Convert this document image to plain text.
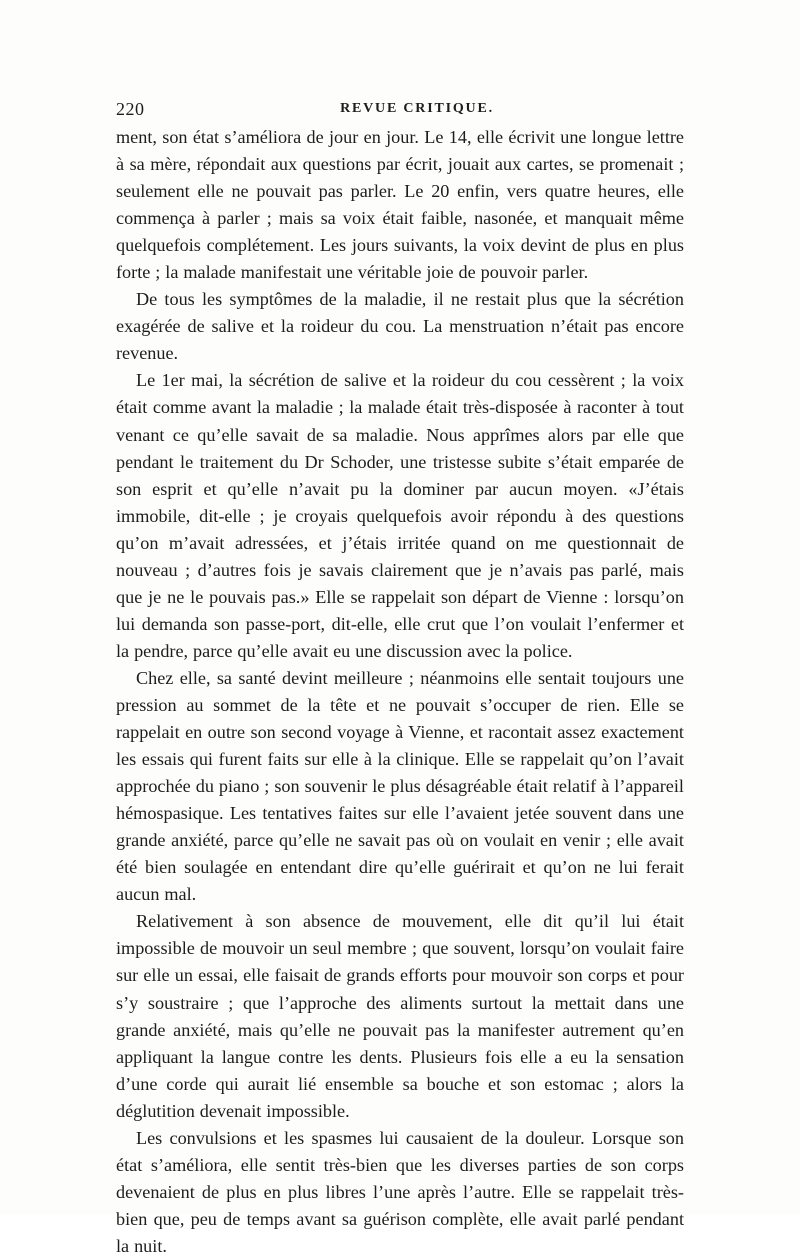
220	REVUE CRITIQUE.

ment, son état s’améliora de jour en jour. Le 14, elle écrivit une longue lettre à sa mère, répondait aux questions par écrit, jouait aux cartes, se promenait ; seulement elle ne pouvait pas parler. Le 20 enfin, vers quatre heures, elle commença à parler ; mais sa voix était faible, nasonée, et manquait même quelquefois complétement. Les jours suivants, la voix devint de plus en plus forte ; la malade manifestait une véritable joie de pouvoir parler.

De tous les symptômes de la maladie, il ne restait plus que la sécrétion exagérée de salive et la roideur du cou. La menstruation n’était pas encore revenue.

Le 1er mai, la sécrétion de salive et la roideur du cou cessèrent ; la voix était comme avant la maladie ; la malade était très-disposée à raconter à tout venant ce qu’elle savait de sa maladie. Nous apprîmes alors par elle que pendant le traitement du Dr Schoder, une tristesse subite s’était emparée de son esprit et qu’elle n’avait pu la dominer par aucun moyen. «J’étais immobile, dit-elle ; je croyais quelquefois avoir répondu à des questions qu’on m’avait adressées, et j’étais irritée quand on me questionnait de nouveau ; d’autres fois je savais clairement que je n’avais pas parlé, mais que je ne le pouvais pas.» Elle se rappelait son départ de Vienne : lorsqu’on lui demanda son passe-port, dit-elle, elle crut que l’on voulait l’enfermer et la pendre, parce qu’elle avait eu une discussion avec la police.

Chez elle, sa santé devint meilleure ; néanmoins elle sentait toujours une pression au sommet de la tête et ne pouvait s’occuper de rien. Elle se rappelait en outre son second voyage à Vienne, et racontait assez exactement les essais qui furent faits sur elle à la clinique. Elle se rappelait qu’on l’avait approchée du piano ; son souvenir le plus désagréable était relatif à l’appareil hémospasique. Les tentatives faites sur elle l’avaient jetée souvent dans une grande anxiété, parce qu’elle ne savait pas où on voulait en venir ; elle avait été bien soulagée en entendant dire qu’elle guérirait et qu’on ne lui ferait aucun mal.

Relativement à son absence de mouvement, elle dit qu’il lui était impossible de mouvoir un seul membre ; que souvent, lorsqu’on voulait faire sur elle un essai, elle faisait de grands efforts pour mouvoir son corps et pour s’y soustraire ; que l’approche des aliments surtout la mettait dans une grande anxiété, mais qu’elle ne pouvait pas la manifester autrement qu’en appliquant la langue contre les dents. Plusieurs fois elle a eu la sensation d’une corde qui aurait lié ensemble sa bouche et son estomac ; alors la déglutition devenait impossible.

Les convulsions et les spasmes lui causaient de la douleur. Lorsque son état s’améliora, elle sentit très-bien que les diverses parties de son corps devenaient de plus en plus libres l’une après l’autre. Elle se rappelait très-bien que, peu de temps avant sa guérison complète, elle avait parlé pendant la nuit.
